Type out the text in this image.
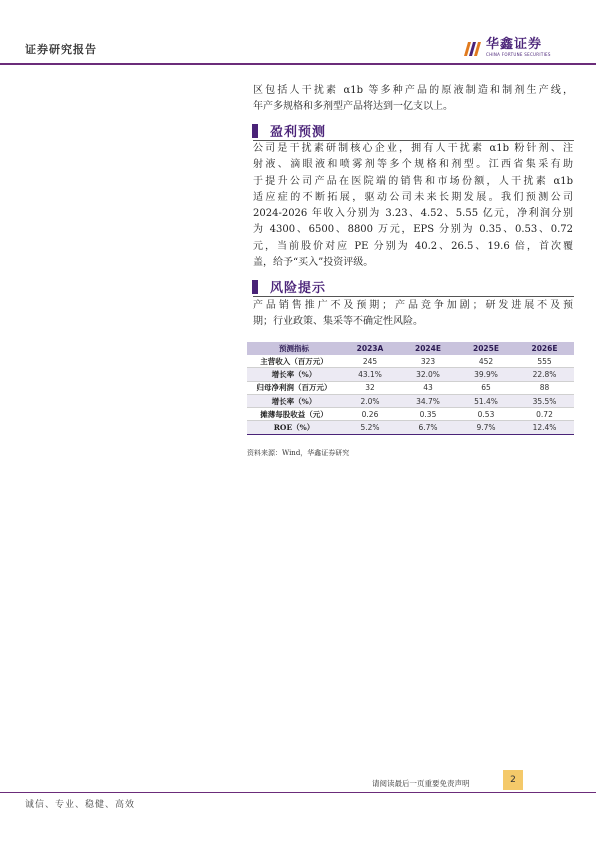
证券研究报告	华鑫证券
CHINA FORTUNE SECURITIES
区包括人干扰素 α1b 等多种产品的原液制造和制剂生产线，
年产多规格和多剂型产品将达到一亿支以上。
盈利预测
公司是干扰素研制核心企业，拥有人干扰素 α1b 粉针剂、注
射液、滴眼液和喷雾剂等多个规格和剂型。江西省集采有助
于提升公司产品在医院端的销售和市场份额，人干扰素 α1b
适应症的不断拓展，驱动公司未来长期发展。我们预测公司
2024-2026 年收入分别为 3.23、4.52、5.55 亿元，净利润分别
为 4300、6500、8800 万元，EPS 分别为 0.35、0.53、0.72
元，当前股价对应 PE 分别为 40.2、26.5、19.6 倍，首次覆
盖，给予“买入”投资评级。
风险提示
产品销售推广不及预期；产品竞争加剧；研发进展不及预
期；行业政策、集采等不确定性风险。
预测指标	2023A	2024E	2025E	2026E
主营收入（百万元）	245	323	452	555
增长率（%）	43.1%	32.0%	39.9%	22.8%
归母净利润（百万元）	32	43	65	88
增长率（%）	2.0%	34.7%	51.4%	35.5%
摊薄每股收益（元）	0.26	0.35	0.53	0.72
ROE（%）	5.2%	6.7%	9.7%	12.4%
资料来源：Wind，华鑫证券研究
请阅读最后一页重要免责声明	2
诚信、专业、稳健、高效
